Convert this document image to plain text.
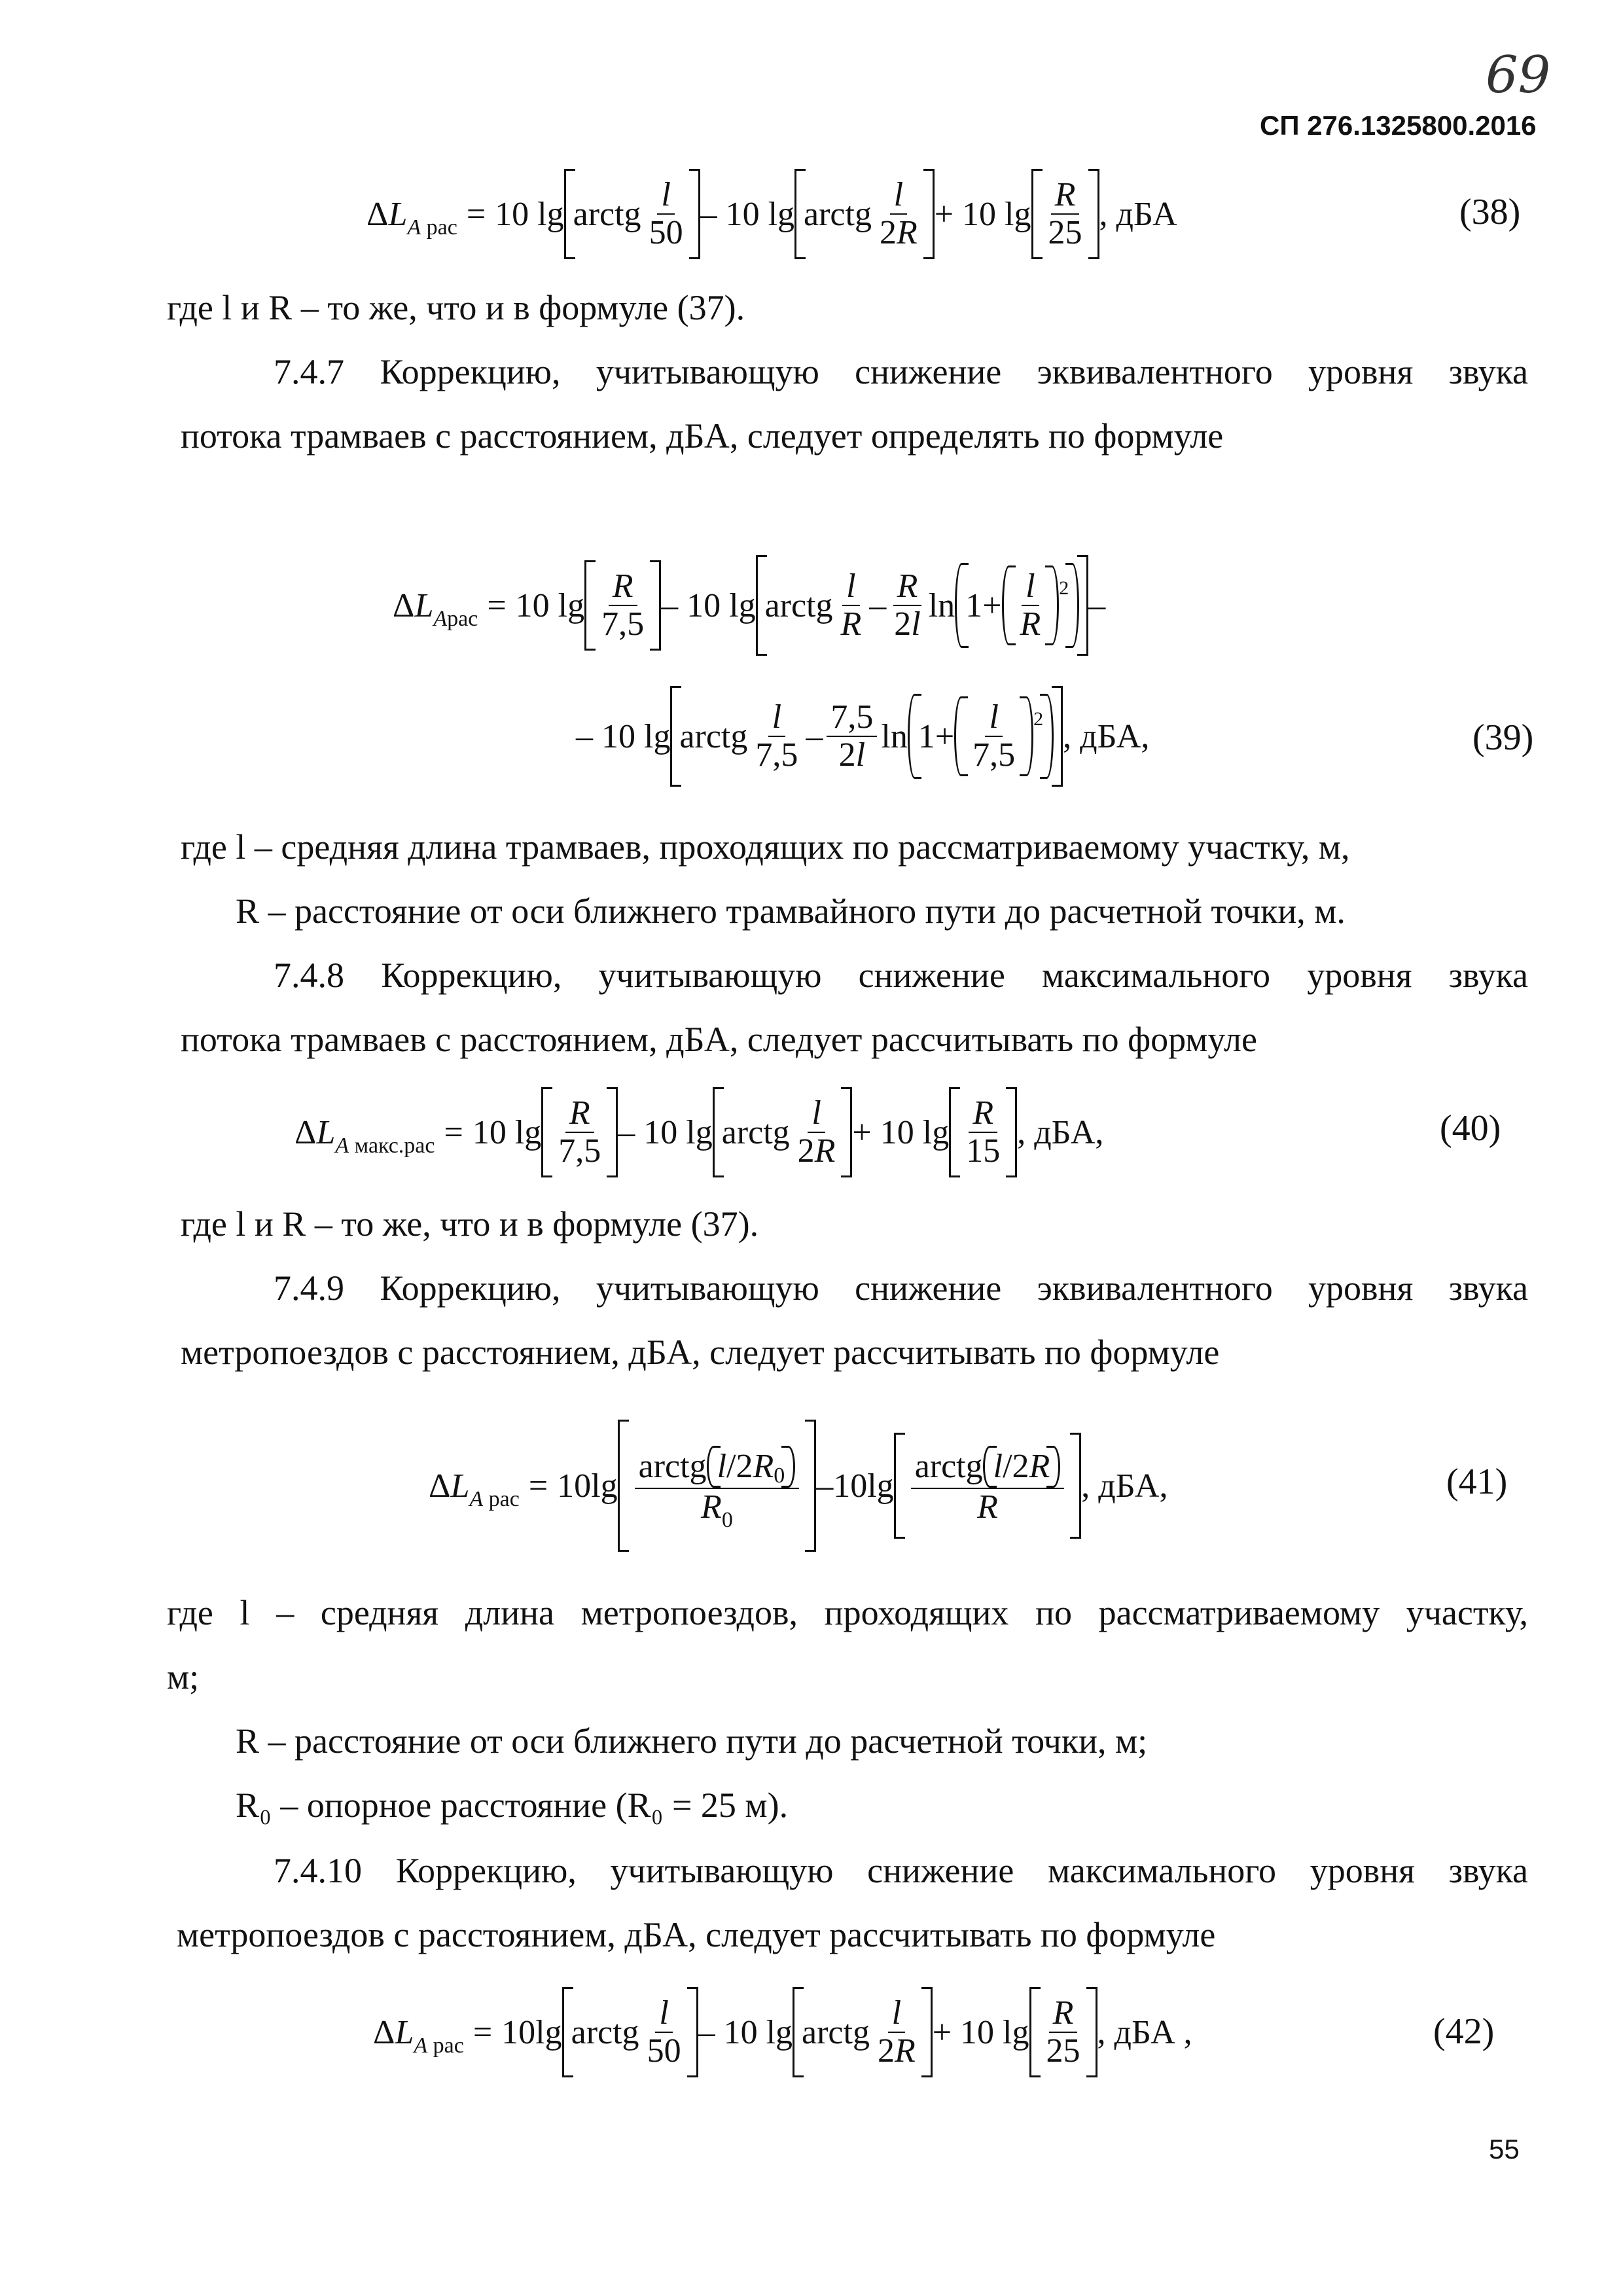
69
СП 276.1325800.2016
$\Delta L_{A рас} = 10$ lg arctg $\frac{l}{50} - 10$ lg arctg $\frac{l}{2R} + 10$ $\lg \frac{R}{25}$ , дБА	(38)
где l и R – то же, что и в формуле (37).
7.4.7 Коррекцию, учитывающую снижение эквивалентного уровня звука
потока трамваев с расстоянием, дБА, следует определять по формуле
$\Delta L_{Aрас} = 10$ $\lg \frac{R}{7,5} - 10$ lg arctg $\frac{l}{R} - \frac{R}{2l}$ $\ln 1+ \frac{l}{R} 2$ –
– 10 lg arctg $\frac{l}{7,5} - \frac{7,5}{2l}$ $\ln 1+ \frac{l}{7,5} 2$ , дБА,	(39)
где l – средняя длина трамваев, проходящих по рассматриваемому участку, м,
R – расстояние от оси ближнего трамвайного пути до расчетной точки, м.
7.4.8 Коррекцию, учитывающую снижение максимального уровня звука
потока трамваев с расстоянием, дБА, следует рассчитывать по формуле
$\Delta L_{A макс.рас} = 10$ $\lg \frac{R}{7,5} - 10$ lg arctg $\frac{l}{2R} + 10$ $\lg \frac{R}{15}$ , дБА,	(40)
где l и R – то же, что и в формуле (37).
7.4.9 Коррекцию, учитывающую снижение эквивалентного уровня звука
метропоездов с расстоянием, дБА, следует рассчитывать по формуле
$\Delta L_{A рас} = 10\lg \frac{\text{arctg l /2 R 0}}{R_0} -10\lg \frac{\text{arctg l /2 R}}{R}$ , дБА,	(41)
где l – средняя длина метропоездов, проходящих по рассматриваемому участку,
м;
R – расстояние от оси ближнего пути до расчетной точки, м;
R₀ – опорное расстояние (R₀ = 25 м).
7.4.10 Коррекцию, учитывающую снижение максимального уровня звука
метропоездов с расстоянием, дБА, следует рассчитывать по формуле
$\Delta L_{A рас} = 10\lg$ arctg $\frac{l}{50} - 10$ lg arctg $\frac{l}{2R} + 10$ $\lg \frac{R}{25}$ , дБА ,	(42)
55
